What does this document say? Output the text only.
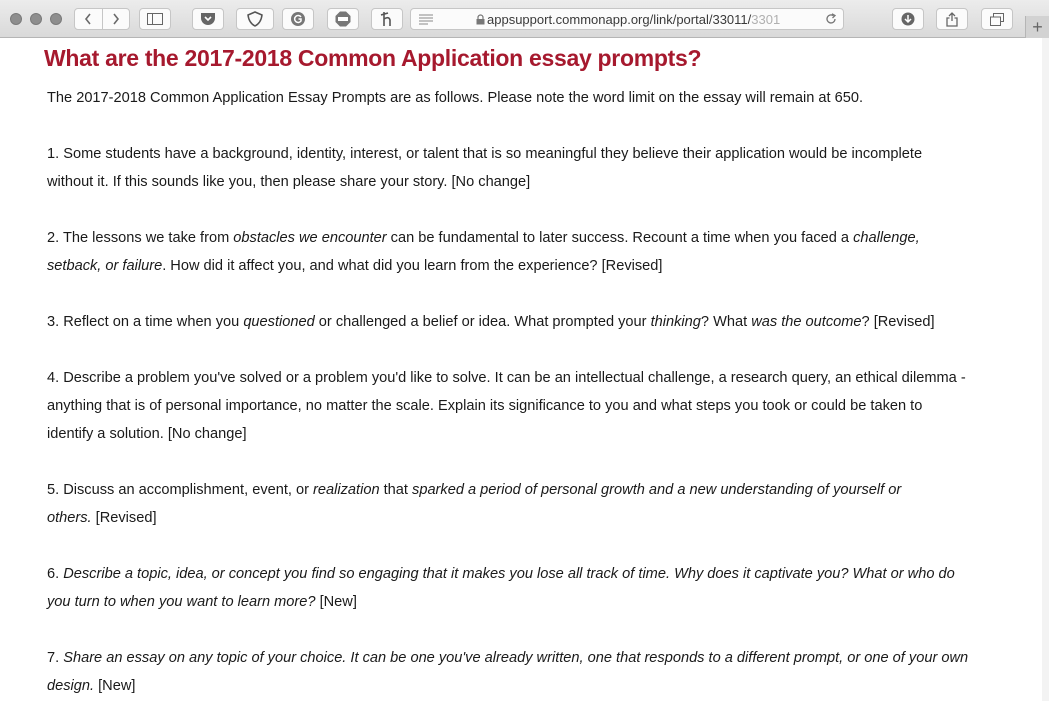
appsupport.commonapp.org/link/portal/33011/3301	+
What are the 2017-2018 Common Application essay prompts?

The 2017-2018 Common Application Essay Prompts are as follows. Please note the word limit on the essay will remain at 650.

1. Some students have a background, identity, interest, or talent that is so meaningful they believe their application would be incomplete without it. If this sounds like you, then please share your story. [No change]

2. The lessons we take from obstacles we encounter can be fundamental to later success. Recount a time when you faced a challenge, setback, or failure. How did it affect you, and what did you learn from the experience? [Revised]

3. Reflect on a time when you questioned or challenged a belief or idea. What prompted your thinking? What was the outcome? [Revised]

4. Describe a problem you've solved or a problem you'd like to solve. It can be an intellectual challenge, a research query, an ethical dilemma - anything that is of personal importance, no matter the scale. Explain its significance to you and what steps you took or could be taken to identify a solution. [No change]

5. Discuss an accomplishment, event, or realization that sparked a period of personal growth and a new understanding of yourself or others. [Revised]

6. Describe a topic, idea, or concept you find so engaging that it makes you lose all track of time. Why does it captivate you? What or who do you turn to when you want to learn more? [New]

7. Share an essay on any topic of your choice. It can be one you've already written, one that responds to a different prompt, or one of your own design. [New]
